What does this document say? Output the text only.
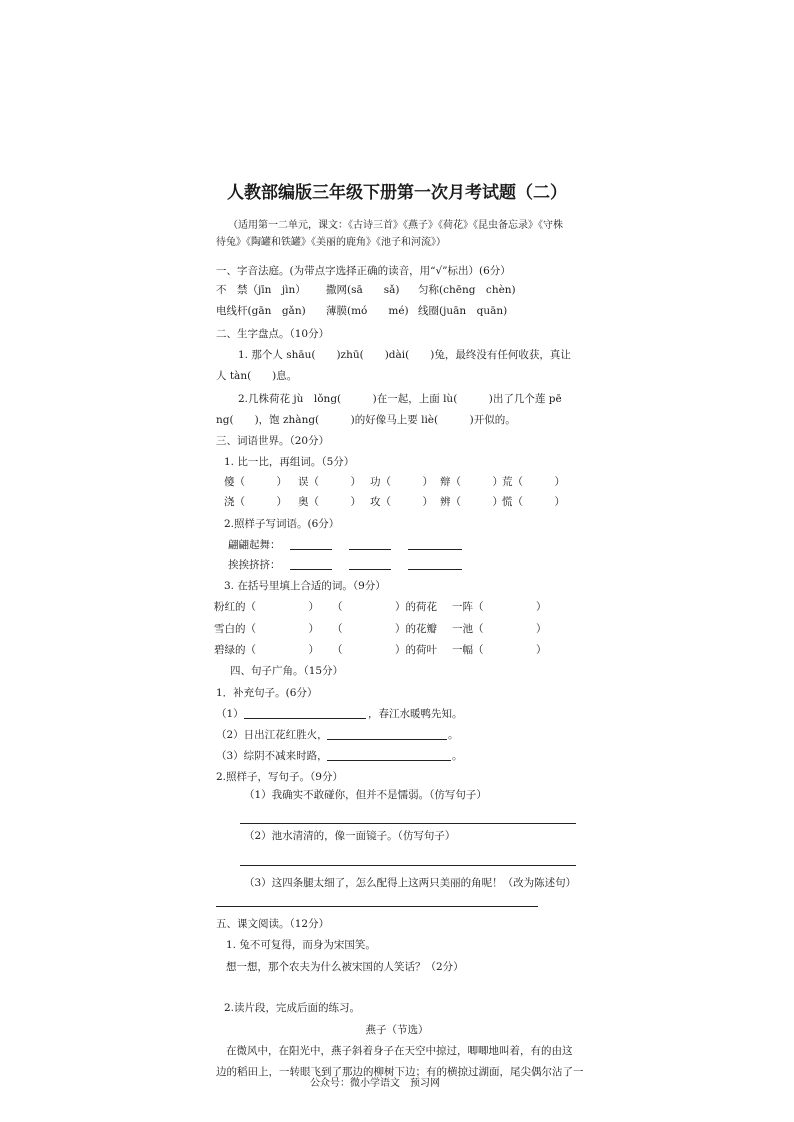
人教部编版三年级下册第一次月考试题（二）
（适用第一二单元，课文：《古诗三首》《燕子》《荷花》《昆虫备忘录》《守株
待兔》《陶罐和铁罐》《美丽的鹿角》《池子和河流》）
一、字音法庭。(为带点字选择正确的读音，用“√”标出）(6分）
不　禁（jīn　jìn） 撒网(sā　　sǎ) 匀称(chēng　chèn)
电线杆(gān　gǎn) 薄膜(mó　　mé) 线圈(juān　quān)
二、生字盘点。（10分）
1. 那个人 shāu(　　)zhū(　　)dài(　　)兔，最终没有任何收获，真让
人 tàn(　　)息。
2.几株荷花 jù　lǒng(　　　)在一起，上面 lù(　　　)出了几个莲 pē
ng(　　)，饱 zhàng(　　　)的好像马上要 liè(　　　)开似的。
三、词语世界。（20分）
1. 比一比，再组词。（5分）
傻（　　　） 误（　　　） 功（　　　） 辩（　　　） 荒（　　　）
浇（　　　） 奥（　　　） 攻（　　　） 辨（　　　） 慌（　　　）
2.照样子写词语。(6分）
翩翩起舞：
挨挨挤挤：
3. 在括号里填上合适的词。（9分）
粉红的（　　　　　） （　　　　　）的荷花 一阵（　　　　　）
雪白的（　　　　　） （　　　　　）的花瓣 一池（　　　　　）
碧绿的（　　　　　） （　　　　　）的荷叶 一幅（　　　　　）
四、句子广角。（15分）
1．补充句子。(6分）
（1）	，春江水暖鸭先知。
（2）日出江花红胜火，	。
（3）综阴不减来时路，	。
2.照样子，写句子。（9分）
（1）我确实不敢碰你，但并不是懦弱。（仿写句子）
（2）池水清清的，像一面镜子。（仿写句子）
（3）这四条腿太细了，怎么配得上这两只美丽的角呢！（改为陈述句）
五、课文阅读。（12分）
1. 兔不可复得，而身为宋国笑。
想一想，那个农夫为什么被宋国的人笑话？（2分）
2.读片段，完成后面的练习。
燕子（节选）
在微风中，在阳光中，燕子斜着身子在天空中掠过，唧唧地叫着，有的由这
边的稻田上，一转眼飞到了那边的柳树下边；有的横掠过湖面，尾尖偶尔沾了一
公众号：微小学语文　预习网
